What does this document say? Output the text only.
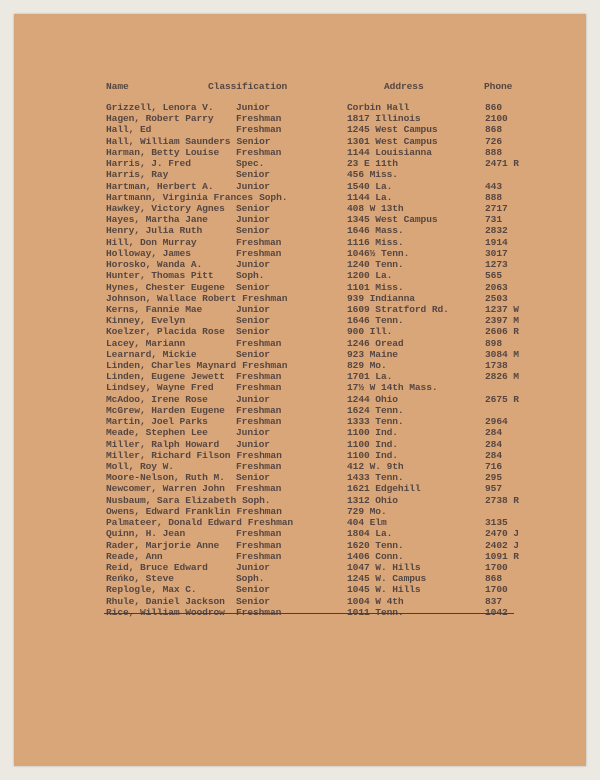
Name	Classification	Address	Phone
Grizzell, Lenora V. Junior	Corbin Hall	860
Hagen, Robert Parry Freshman	1817 Illinois	2100
Hall, Ed	Freshman	1245 West Campus	868
Hall, William Saunders Senior	1301 West Campus	726
Harman, Betty Louise Freshman	1144 Louisianna	888
Harris, J. Fred	Spec.	23 E 11th	2471 R
Harris, Ray	Senior	456 Miss.
Hartman, Herbert A. Junior	1540 La.	443
Hartmann, Virginia Frances Soph.	1144 La.	888
Hawkey, Victory Agnes Senior	408 W 13th	2717
Hayes, Martha Jane	Junior	1345 West Campus	731
Henry, Julia Ruth	Senior	1646 Mass.	2832
Hill, Don Murray	Freshman	1116 Miss.	1914
Holloway, James	Freshman	1046½ Tenn.	3017
Horosko, Wanda A.	Junior	1240 Tenn.	1273
Hunter, Thomas Pitt Soph.	1200 La.	565
Hynes, Chester Eugene Senior	1101 Miss.	2063
Johnson, Wallace Robert Freshman	939 Indianna	2503
Kerns, Fannie Mae	Junior	1609 Stratford Rd.	1237 W
Kinney, Evelyn	Senior	1646 Tenn.	2397 M
Koelzer, Placida Rose Senior	900 Ill.	2606 R
Lacey, Mariann	Freshman	1246 Oread	898
Learnard, Mickie	Senior	923 Maine	3084 M
Linden, Charles Maynard Freshman	829 Mo.	1738
Linden, Eugene Jewett Freshman	1701 La.	2826 M
Lindsey, Wayne Fred Freshman	17½ W 14th Mass.
McAdoo, Irene Rose	Junior	1244 Ohio	2675 R
McGrew, Harden Eugene Freshman	1624 Tenn.
Martin, Joel Parks	Freshman	1333 Tenn.	2964
Meade, Stephen Lee	Junior	1100 Ind.	284
Miller, Ralph Howard Junior	1100 Ind.	284
Miller, Richard Filson Freshman	1100 Ind.	284
Moll, Roy W.	Freshman	412 W. 9th	716
Moore-Nelson, Ruth M. Senior	1433 Tenn.	295
Newcomer, Warren John Freshman	1621 Edgehill	957
Nusbaum, Sara Elizabeth Soph.	1312 Ohio	2738 R
Owens, Edward Franklin Freshman	729 Mo.
Palmateer, Donald Edward Freshman	404 Elm	3135
Quinn, H. Jean	Freshman	1804 La.	2470 J
Rader, Marjorie Anne Freshman	1620 Tenn.	2402 J
Reade, Ann	Freshman	1406 Conn.	1091 R
Reid, Bruce Edward	Junior	1047 W. Hills	1700
Reńko, Steve	Soph.	1245 W. Campus	868
Replogle, Max C.	Senior	1045 W. Hills	1700
Rhule, Daniel Jackson Senior	1004 W 4th	837
Rice, William Woodrow Freshman	1011 Tenn.	1042
